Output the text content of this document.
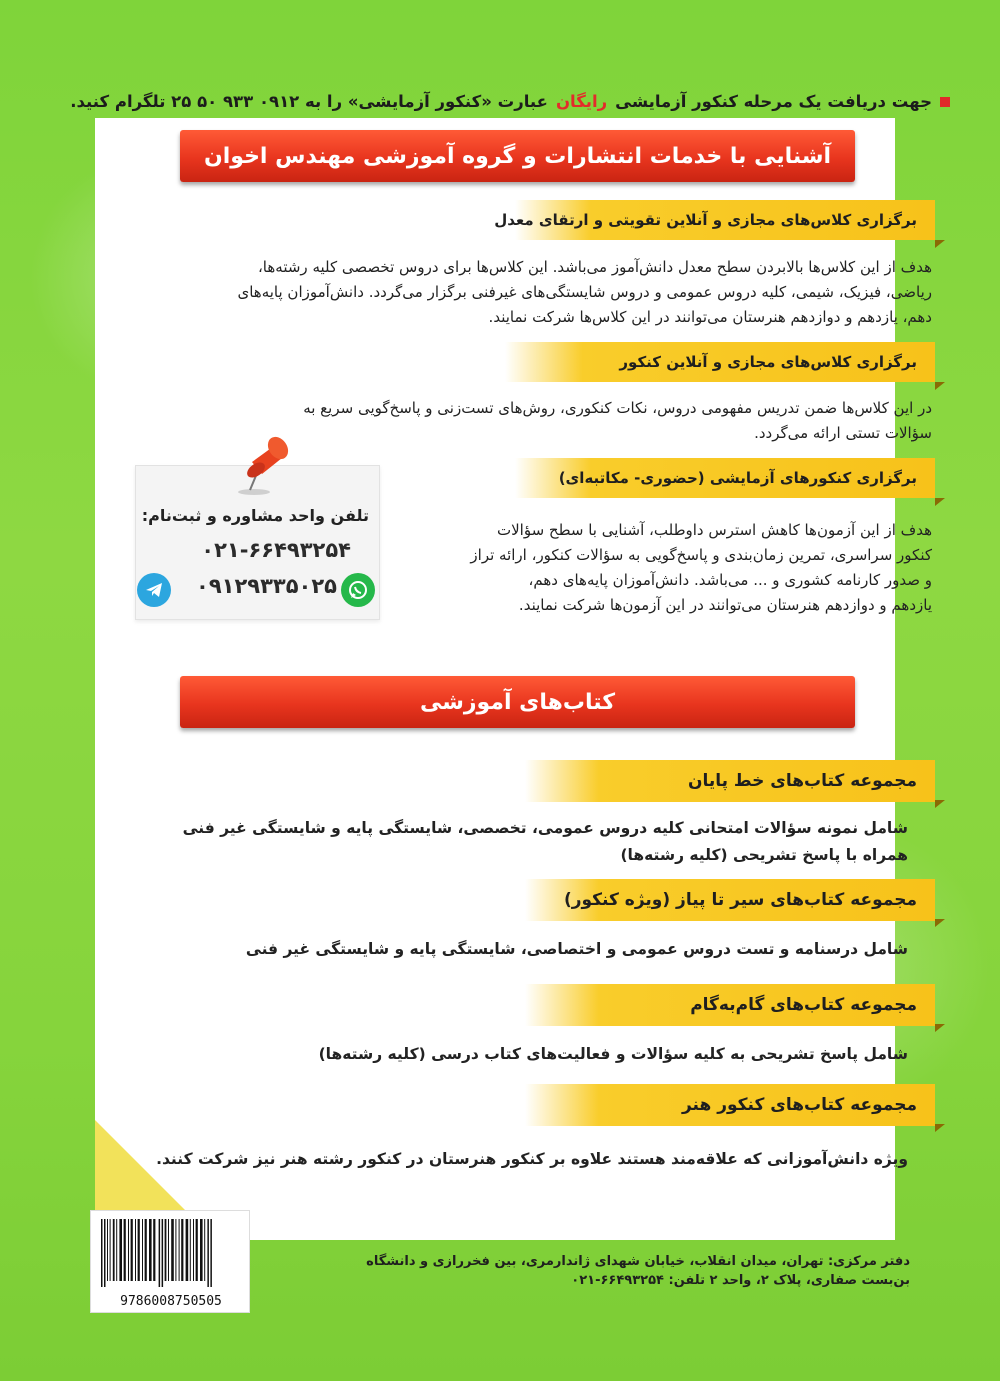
جهت دریافت یک مرحله کنکور آزمایشی
رایگان
عبارت «کنکور آزمایشی» را به ۰۹۱۲ ۹۳۳ ۵۰ ۲۵ تلگرام کنید.
آشنایی با خدمات انتشارات و گروه آموزشی مهندس اخوان
برگزاری کلاس‌های مجازی و آنلاین تقویتی و ارتقای معدل
هدف از این کلاس‌ها بالابردن سطح معدل دانش‌آموز می‌باشد. این کلاس‌ها برای دروس تخصصی کلیه رشته‌ها،
ریاضی، فیزیک، شیمی، کلیه دروس عمومی و دروس شایستگی‌های غیرفنی برگزار می‌گردد. دانش‌آموزان پایه‌های
دهم، یازدهم و دوازدهم هنرستان می‌توانند در این کلاس‌ها شرکت نمایند.
برگزاری کلاس‌های مجازی و آنلاین کنکور
در این کلاس‌ها ضمن تدریس مفهومی دروس، نکات کنکوری، روش‌های تست‌زنی و پاسخ‌گویی سریع به
سؤالات تستی ارائه می‌گردد.
برگزاری کنکورهای آزمایشی (حضوری- مکاتبه‌ای)
هدف از این آزمون‌ها کاهش استرس داوطلب، آشنایی با سطح سؤالات
کنکور سراسری، تمرین زمان‌بندی و پاسخ‌گویی به سؤالات کنکور، ارائه تراز
و صدور کارنامه کشوری و ... می‌باشد. دانش‌آموزان پایه‌های دهم،
یازدهم و دوازدهم هنرستان می‌توانند در این آزمون‌ها شرکت نمایند.
تلفن واحد مشاوره و ثبت‌نام:
۰۲۱-۶۶۴۹۳۲۵۴
۰۹۱۲۹۳۳۵۰۲۵
کتاب‌های آموزشی
مجموعه کتاب‌های خط پایان
شامل نمونه سؤالات امتحانی کلیه دروس عمومی، تخصصی، شایستگی پایه و شایستگی غیر فنی
همراه با پاسخ تشریحی (کلیه رشته‌ها)
مجموعه کتاب‌های سیر تا پیاز (ویژه کنکور)
شامل درسنامه و تست دروس عمومی و اختصاصی، شایستگی پایه و شایستگی غیر فنی
مجموعه کتاب‌های گام‌به‌گام
شامل پاسخ تشریحی به کلیه سؤالات و فعالیت‌های کتاب درسی (کلیه رشته‌ها)
مجموعه کتاب‌های کنکور هنر
ویژه دانش‌آموزانی که علاقه‌مند هستند علاوه بر کنکور هنرستان در کنکور رشته هنر نیز شرکت کنند.
9786008750505
دفتر مرکزی: تهران، میدان انقلاب، خیابان شهدای ژاندارمری، بین فخررازی و دانشگاه
بن‌بست صفاری، پلاک ۲، واحد ۲ تلفن: ۶۶۴۹۳۲۵۴-۰۲۱
